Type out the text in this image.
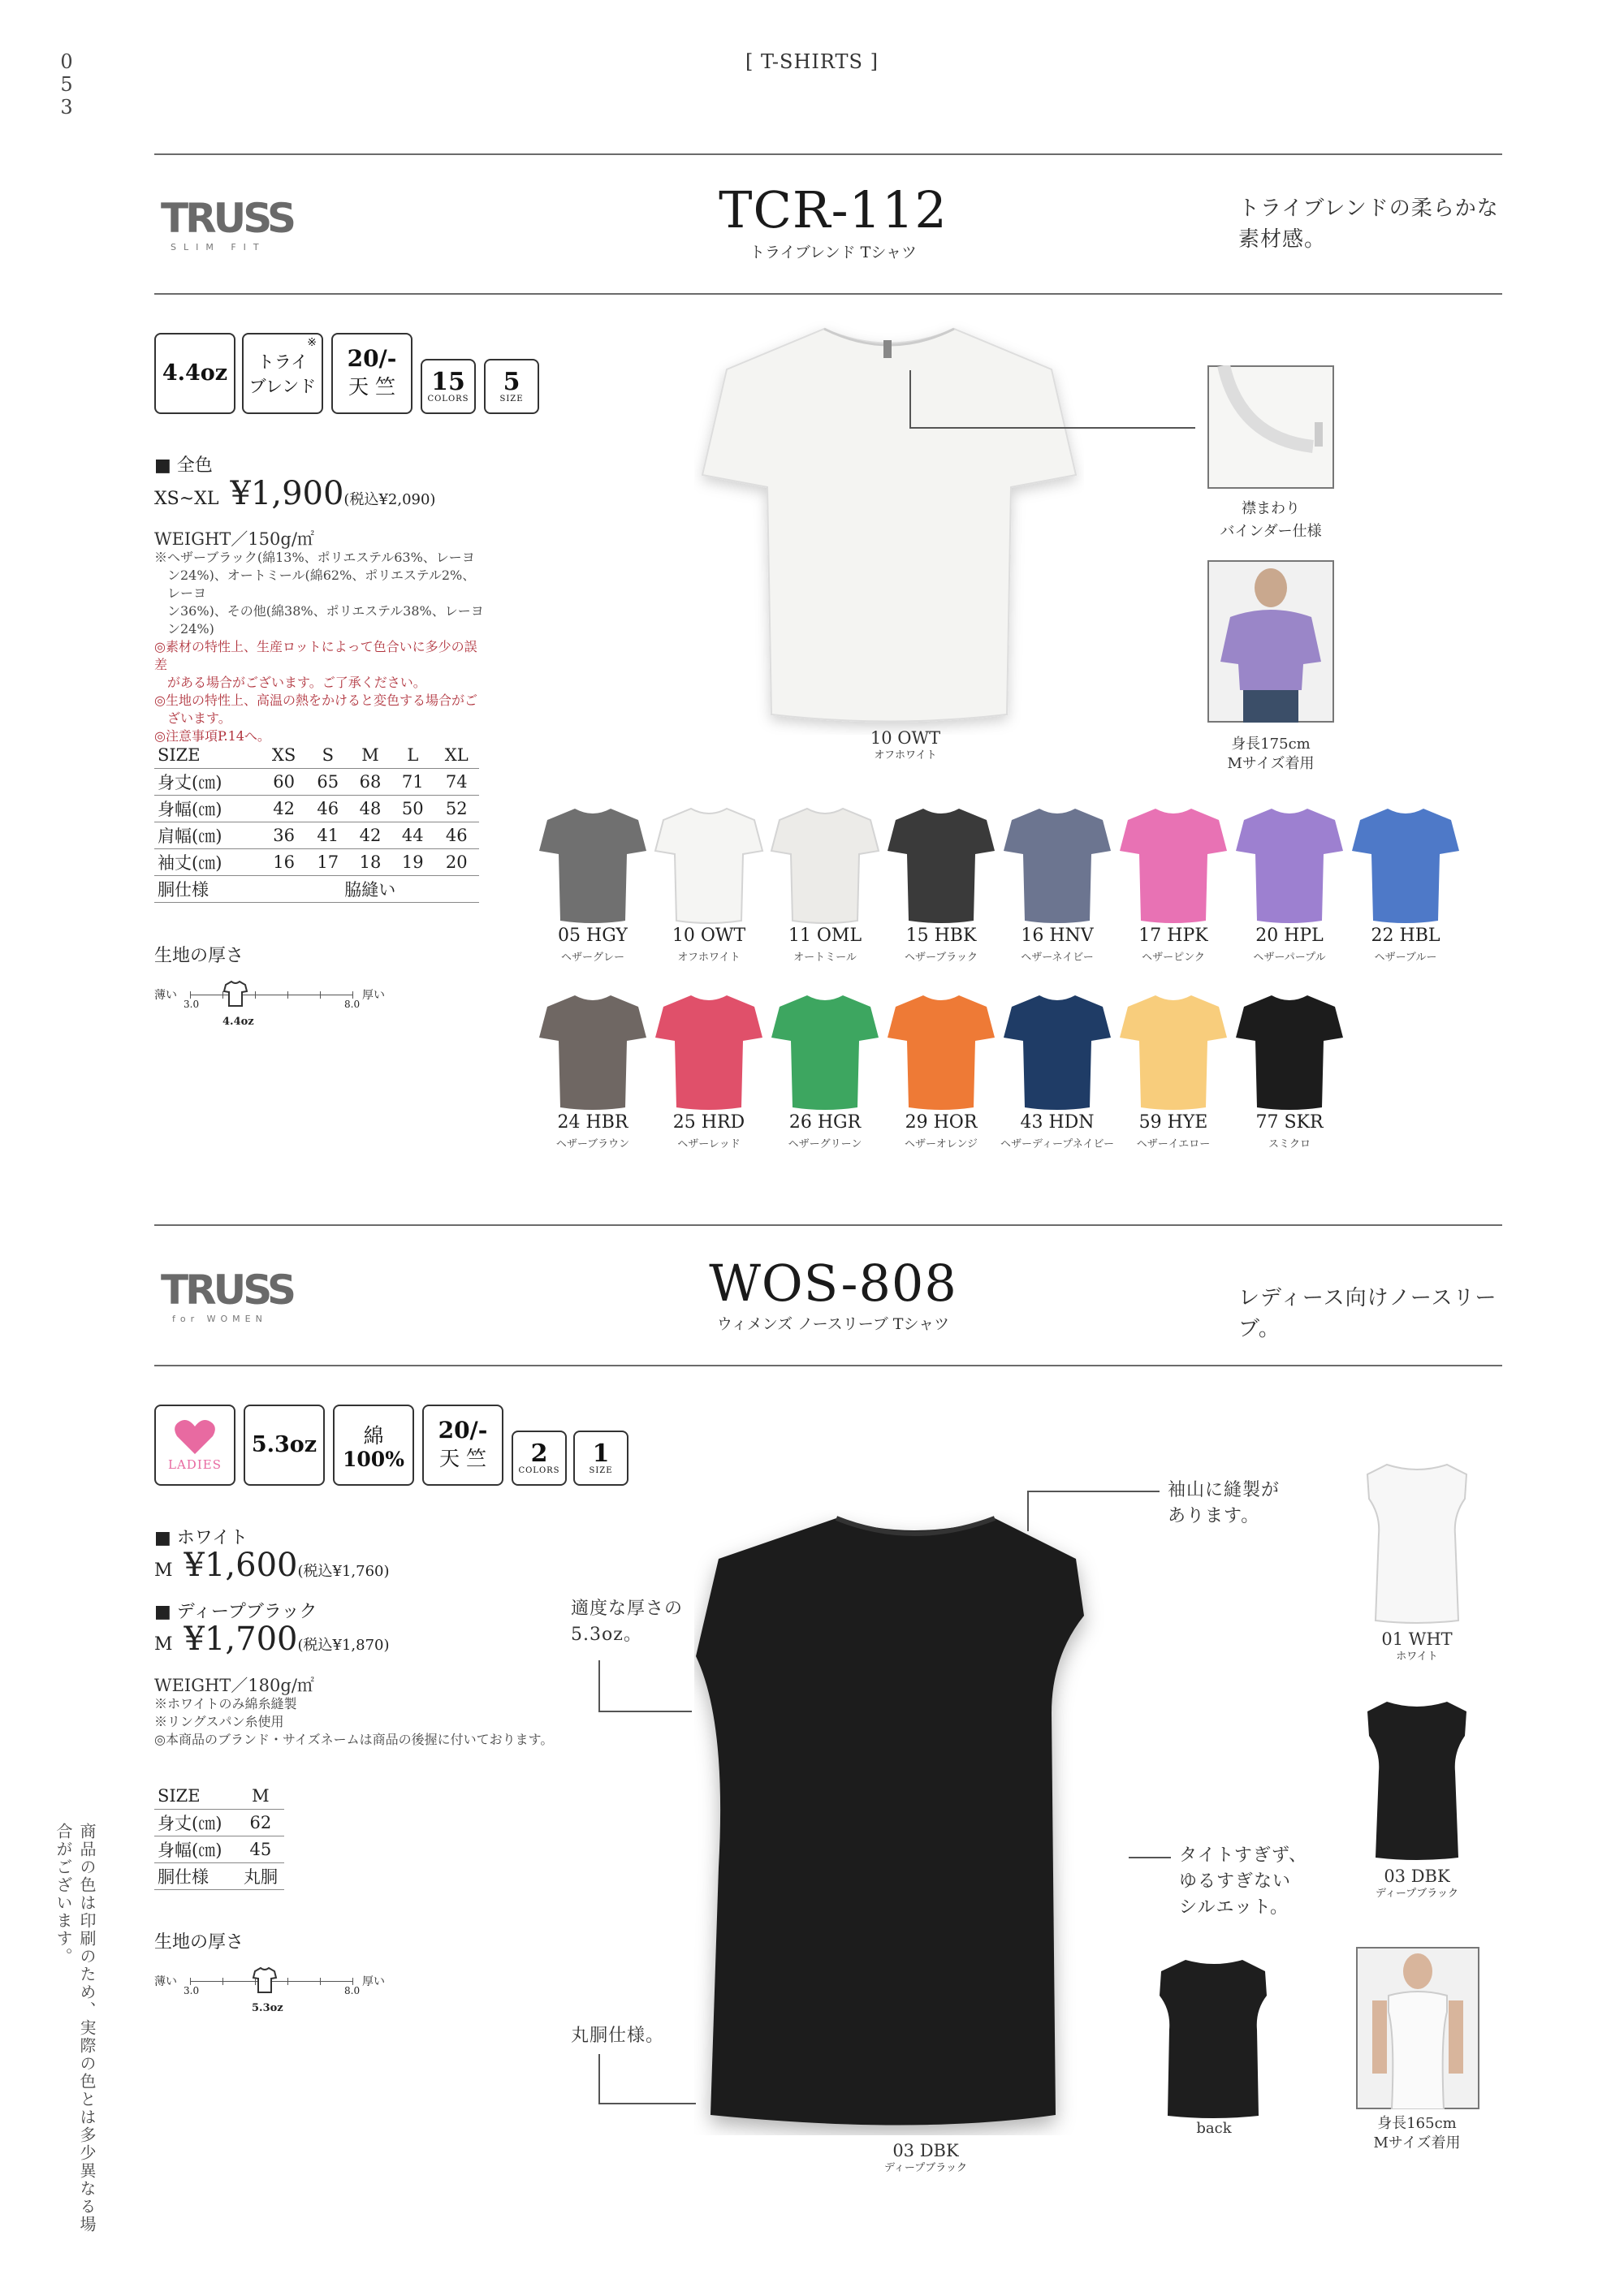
0
5
3
[ T-SHIRTS ]
商品の色は印刷のため、実際の色とは多少異なる場合がございます。
TRUSS
SLIM FIT
TCR-112
トライブレンド Tシャツ
トライブレンドの柔らかな素材感。
4.4oz
※
トライ
ブレンド
20/-
天 竺 15
COLORS
5
SIZE
■ 全色
XS~XL ¥1,900(税込¥2,090)
WEIGHT／150g/㎡
※ヘザーブラック(綿13%、ポリエステル63%、レーヨ
ン24%)、オートミール(綿62%、ポリエステル2%、レーヨ
ン36%)、その他(綿38%、ポリエステル38%、レーヨ
ン24%)
◎素材の特性上、生産ロットによって色合いに多少の誤差
　がある場合がございます。ご了承ください。
◎生地の特性上、高温の熱をかけると変色する場合がご
　ざいます。
◎注意事項P.14へ。
SIZE	XS	S	M	L	XL
身丈(㎝)	60	65	68	71	74
身幅(㎝)	42	46	48	50	52
肩幅(㎝)	36	41	42	44	46
袖丈(㎝)	16	17	18	19	20
胴仕様	脇縫い				
生地の厚さ
薄い
3.0	8.0
厚い
4.4oz
10 OWT
オフホワイト
襟まわり
バインダー仕様
身長175cm
Mサイズ着用
05 HGY
ヘザーグレー
10 OWT
オフホワイト
11 OML
オートミール
15 HBK
ヘザーブラック
16 HNV
ヘザーネイビー
17 HPK
ヘザーピンク
20 HPL
ヘザーパープル
22 HBL
ヘザーブルー
24 HBR
ヘザーブラウン
25 HRD
ヘザーレッド
26 HGR
ヘザーグリーン
29 HOR
ヘザーオレンジ
43 HDN
ヘザーディープネイビー
59 HYE
ヘザーイエロー
77 SKR
スミクロ
TRUSS
for WOMEN
WOS-808
ウィメンズ ノースリーブ Tシャツ
レディース向けノースリーブ。
LADIES
5.3oz 綿
100%
20/-
天 竺 2
COLORS
1
SIZE
■ ホワイト
M ¥1,600(税込¥1,760)
■ ディープブラック
M ¥1,700(税込¥1,870)
WEIGHT／180g/㎡
※ホワイトのみ綿糸縫製
※リングスパン糸使用
◎本商品のブランド・サイズネームは商品の後握に付いております。
SIZE	M
身丈(㎝)	62
身幅(㎝)	45
胴仕様	丸胴
生地の厚さ
薄い
3.0	8.0
厚い
5.3oz
03 DBK
ディープブラック
袖山に縫製が
あります。
適度な厚さの
5.3oz。
タイトすぎず、
ゆるすぎない
シルエット。
丸胴仕様。
back
01 WHT
ホワイト
03 DBK
ディープブラック
身長165cm
Mサイズ着用
